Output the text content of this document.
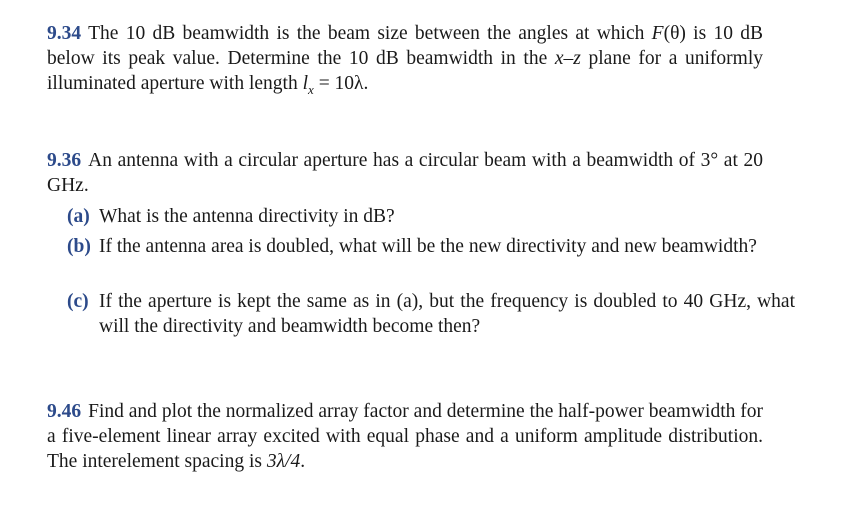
9.34 The 10 dB beamwidth is the beam size between the angles at which F(θ) is 10 dB below its peak value. Determine the 10 dB beamwidth in the x–z plane for a uniformly illuminated aperture with length $l_x = 10\lambda$.
9.36 An antenna with a circular aperture has a circular beam with a beamwidth of 3° at 20 GHz.
(a) What is the antenna directivity in dB?
(b) If the antenna area is doubled, what will be the new directivity and new beamwidth?
(c) If the aperture is kept the same as in (a), but the frequency is doubled to 40 GHz, what will the directivity and beamwidth become then?
9.46 Find and plot the normalized array factor and determine the half-power beamwidth for a five-element linear array excited with equal phase and a uniform amplitude distribution. The interelement spacing is 3λ/4.
